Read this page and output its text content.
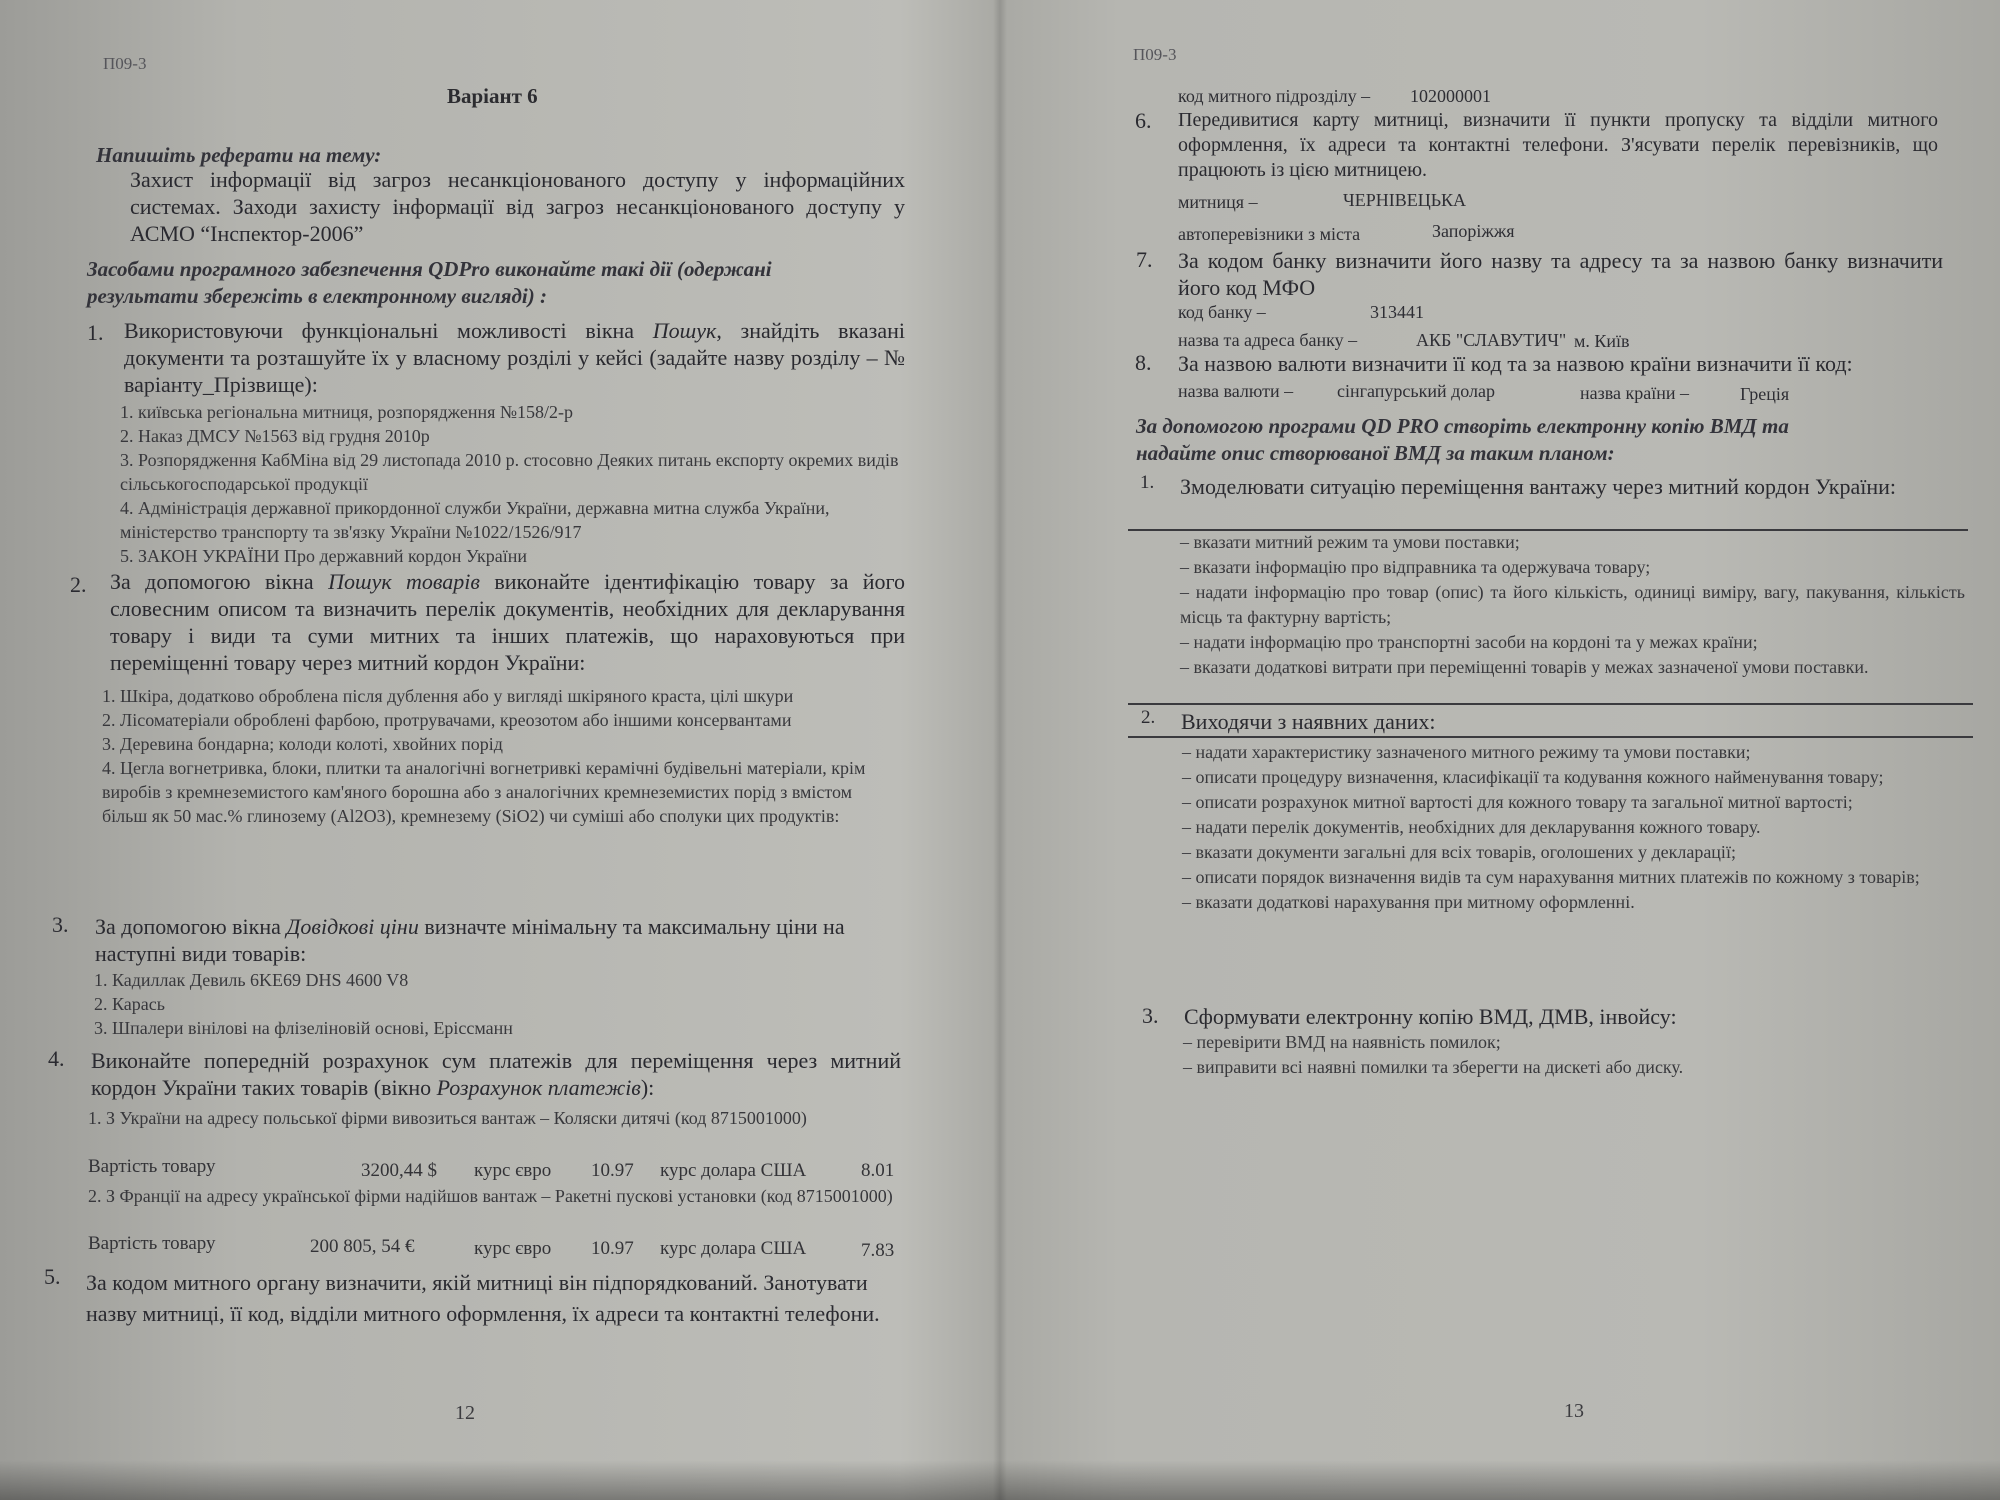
П09-3
Варіант 6
Напишіть реферати на тему:
Захист інформації від загроз несанкціонованого доступу у інформаційних системах. Заходи захисту інформації від загроз несанкціонованого доступу у АСМО “Інспектор-2006”
Засобами програмного забезпечення QDPro виконайте такі дії (одержані
результати збережіть в електронному вигляді) :
1. Використовуючи функціональні можливості вікна Пошук, знайдіть вказані документи та розташуйте їх у власному розділі у кейсі (задайте назву розділу – № варіанту_Прізвище):
1. київська регіональна митниця, розпорядження №158/2-р
2. Наказ ДМСУ №1563 від грудня 2010р
3. Розпорядження КабМіна від 29 листопада 2010 р. стосовно Деяких питань експорту окремих видів сільськогосподарської продукції
4. Адміністрація державної прикордонної служби України, державна митна служба України, міністерство транспорту та зв'язку України №1022/1526/917
5. ЗАКОН УКРАЇНИ Про державний кордон України
2. За допомогою вікна Пошук товарів виконайте ідентифікацію товару за його словесним описом та визначить перелік документів, необхідних для декларування товару і види та суми митних та інших платежів, що нараховуються при переміщенні товару через митний кордон України:
1. Шкіра, додатково оброблена після дублення або у вигляді шкіряного краста, цілі шкури
2. Лісоматеріали оброблені фарбою, протрувачами, креозотом або іншими консервантами
3. Деревина бондарна; колоди колоті, хвойних порід
4. Цегла вогнетривка, блоки, плитки та аналогічні вогнетривкі керамічні будівельні матеріали, крім виробів з кремнеземистого кам'яного борошна або з аналогічних кремнеземистих порід з вмістом більш як 50 мас.% глинозему (Al2O3), кремнезему (SiO2) чи суміші або сполуки цих продуктів:
3. За допомогою вікна Довідкові ціни визначте мінімальну та максимальну ціни на наступні види товарів:
1. Кадиллак Девиль 6KE69 DHS 4600 V8
2. Карась
3. Шпалери вінілові на флізеліновій основі, Ерiссманн
4. Виконайте попередній розрахунок сум платежів для переміщення через митний кордон України таких товарів (вікно Розрахунок платежів):
1. З України на адресу польської фірми вивозиться вантаж – Коляски дитячі (код 8715001000)
Вартість товару	3200,44 $ курс євро 10.97 курс долара США	8.01
2. З Франції на адресу української фірми надійшов вантаж – Ракетні пускові установки (код 8715001000)
Вартість товару	200 805, 54 €	курс євро 10.97 курс долара США	7.83
5. За кодом митного органу визначити, якій митниці він підпорядкований. Занотувати назву митниці, її код, відділи митного оформлення, їх адреси та контактні телефони.
12
П09-3
код митного підрозділу – 102000001
6. Передивитися карту митниці, визначити її пункти пропуску та відділи митного оформлення, їх адреси та контактні телефони. З'ясувати перелік перевізників, що працюють із цією митницею.
митниця –	ЧЕРНІВЕЦЬКА
автоперевізники з міста	Запоріжжя
7. За кодом банку визначити його назву та адресу та за назвою банку визначити його код МФО
код банку –	313441
назва та адреса банку –	АКБ "СЛАВУТИЧ" м. Київ
8. За назвою валюти визначити її код та за назвою країни визначити її код:
назва валюти – сінгапурський долар	назва країни –	Греція
За допомогою програми QD PRO створіть електронну копію ВМД та
надайте опис створюваної ВМД за таким планом:
1. Змоделювати ситуацію переміщення вантажу через митний кордон України:
– вказати митний режим та умови поставки;
– вказати інформацію про відправника та одержувача товару;
– надати інформацію про товар (опис) та його кількість, одиниці виміру, вагу, пакування, кількість місць та фактурну вартість;
– надати інформацію про транспортні засоби на кордоні та у межах країни;
– вказати додаткові витрати при переміщенні товарів у межах зазначеної умови поставки.
2. Виходячи з наявних даних:
– надати характеристику зазначеного митного режиму та умови поставки;
– описати процедуру визначення, класифікації та кодування кожного найменування товару;
– описати розрахунок митної вартості для кожного товару та загальної митної вартості;
– надати перелік документів, необхідних для декларування кожного товару.
– вказати документи загальні для всіх товарів, оголошених у декларації;
– описати порядок визначення видів та сум нарахування митних платежів по кожному з товарів;
– вказати додаткові нарахування при митному оформленні.
3. Сформувати електронну копію ВМД, ДМВ, інвойсу:
– перевірити ВМД на наявність помилок;
– виправити всі наявні помилки та зберегти на дискеті або диску.
13
